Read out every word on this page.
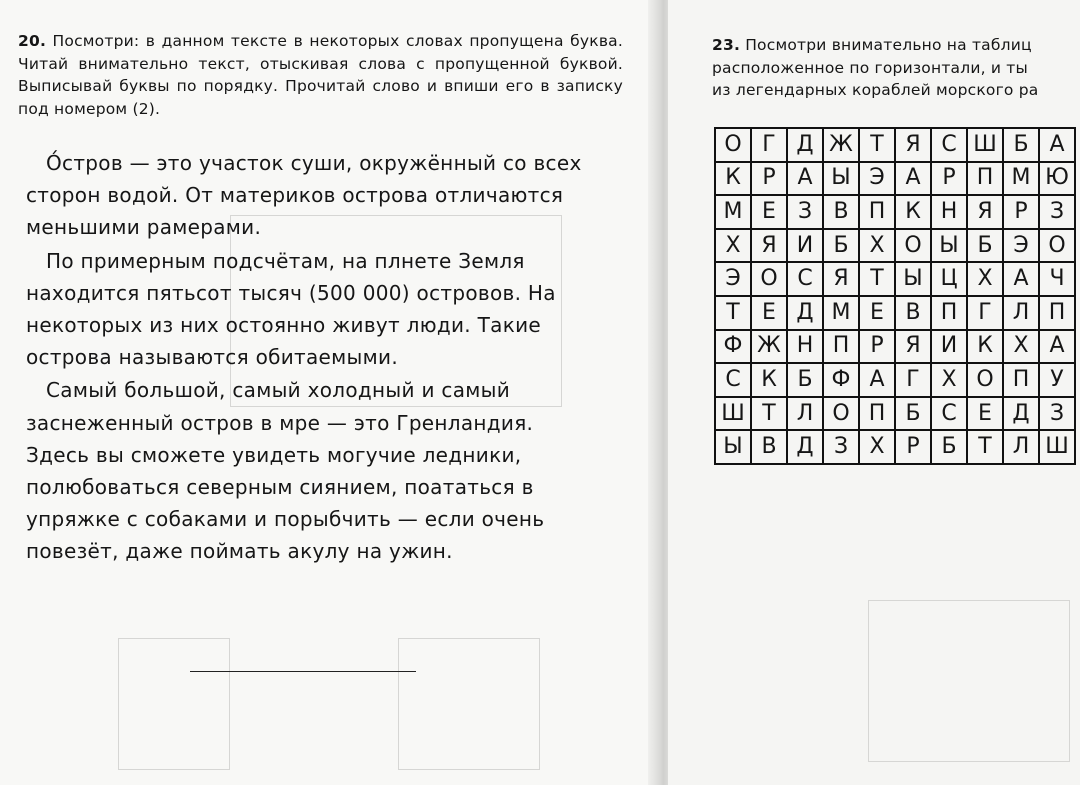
20. Посмотри: в данном тексте в некоторых словах пропущена буква. Читай внимательно текст, отыскивая слова с пропущенной буквой. Выписывай буквы по порядку. Прочитай слово и впиши его в записку под номером (2).

О́стров — это участок суши, окружённый со всех сторон водой. От материков острова отличаются меньшими рамерами.

По примерным подсчётам, на плнете Земля находится пятьсот тысяч (500 000) островов. На некоторых из них остоянно живут люди. Такие острова называются обитаемыми.

Самый большой, самый холодный и самый заснеженный остров в мре — это Гренландия. Здесь вы сможете увидеть могучие ледники, полюбоваться северным сиянием, поататься в упряжке с собаками и порыбчить — если очень повезёт, даже поймать акулу на ужин.

23. Посмотри внимательно на таблиц
расположенное по горизонтали, и ты
из легендарных кораблей морского ра
О	Г	Д	Ж	Т	Я	С	Ш	Б	А
К	Р	А	Ы	Э	А	Р	П	М	Ю
М	Е	З	В	П	К	Н	Я	Р	З
Х	Я	И	Б	Х	О	Ы	Б	Э	О
Э	О	С	Я	Т	Ы	Ц	Х	А	Ч
Т	Е	Д	М	Е	В	П	Г	Л	П
Ф	Ж	Н	П	Р	Я	И	К	Х	А
С	К	Б	Ф	А	Г	Х	О	П	У
Ш	Т	Л	О	П	Б	С	Е	Д	З
Ы	В	Д	З	Х	Р	Б	Т	Л	Ш
